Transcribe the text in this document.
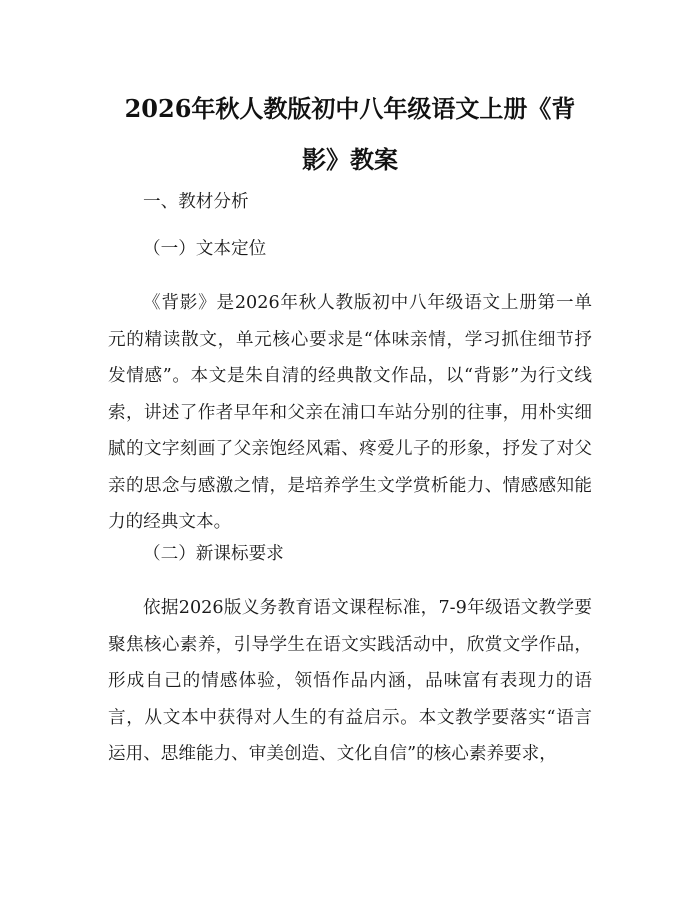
2026年秋人教版初中八年级语文上册《背影》教案

一、教材分析

（一）文本定位

《背影》是2026年秋人教版初中八年级语文上册第一单元的精读散文，单元核心要求是“体味亲情，学习抓住细节抒发情感”。本文是朱自清的经典散文作品，以“背影”为行文线索，讲述了作者早年和父亲在浦口车站分别的往事，用朴实细腻的文字刻画了父亲饱经风霜、疼爱儿子的形象，抒发了对父亲的思念与感激之情，是培养学生文学赏析能力、情感感知能力的经典文本。

（二）新课标要求

依据2026版义务教育语文课程标准，7-9年级语文教学要聚焦核心素养，引导学生在语文实践活动中，欣赏文学作品，形成自己的情感体验，领悟作品内涵，品味富有表现力的语言，从文本中获得对人生的有益启示。本文教学要落实“语言运用、思维能力、审美创造、文化自信”的核心素养要求，
